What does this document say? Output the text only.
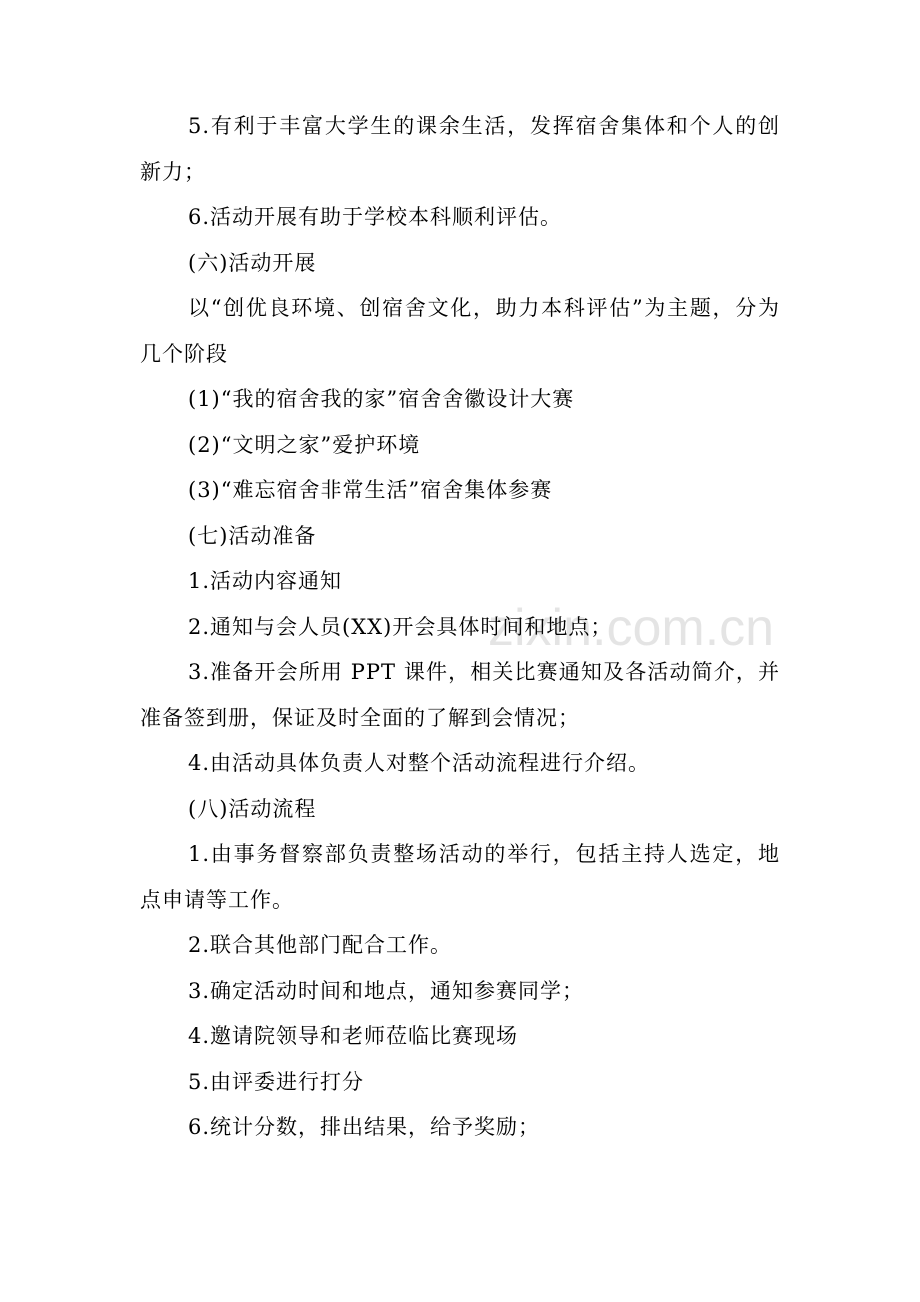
5.有利于丰富大学生的课余生活，发挥宿舍集体和个人的创新力；

6.活动开展有助于学校本科顺利评估。

(六)活动开展

以“创优良环境、创宿舍文化，助力本科评估”为主题，分为几个阶段

(1)“我的宿舍我的家”宿舍舍徽设计大赛

(2)“文明之家”爱护环境

(3)“难忘宿舍非常生活”宿舍集体参赛

(七)活动准备

1.活动内容通知

2.通知与会人员(XX)开会具体时间和地点；

3.准备开会所用 PPT 课件，相关比赛通知及各活动简介，并准备签到册，保证及时全面的了解到会情况；

4.由活动具体负责人对整个活动流程进行介绍。

(八)活动流程

1.由事务督察部负责整场活动的举行，包括主持人选定，地点申请等工作。

2.联合其他部门配合工作。

3.确定活动时间和地点，通知参赛同学；

4.邀请院领导和老师莅临比赛现场

5.由评委进行打分

6.统计分数，排出结果，给予奖励；

zixin.com.cn
